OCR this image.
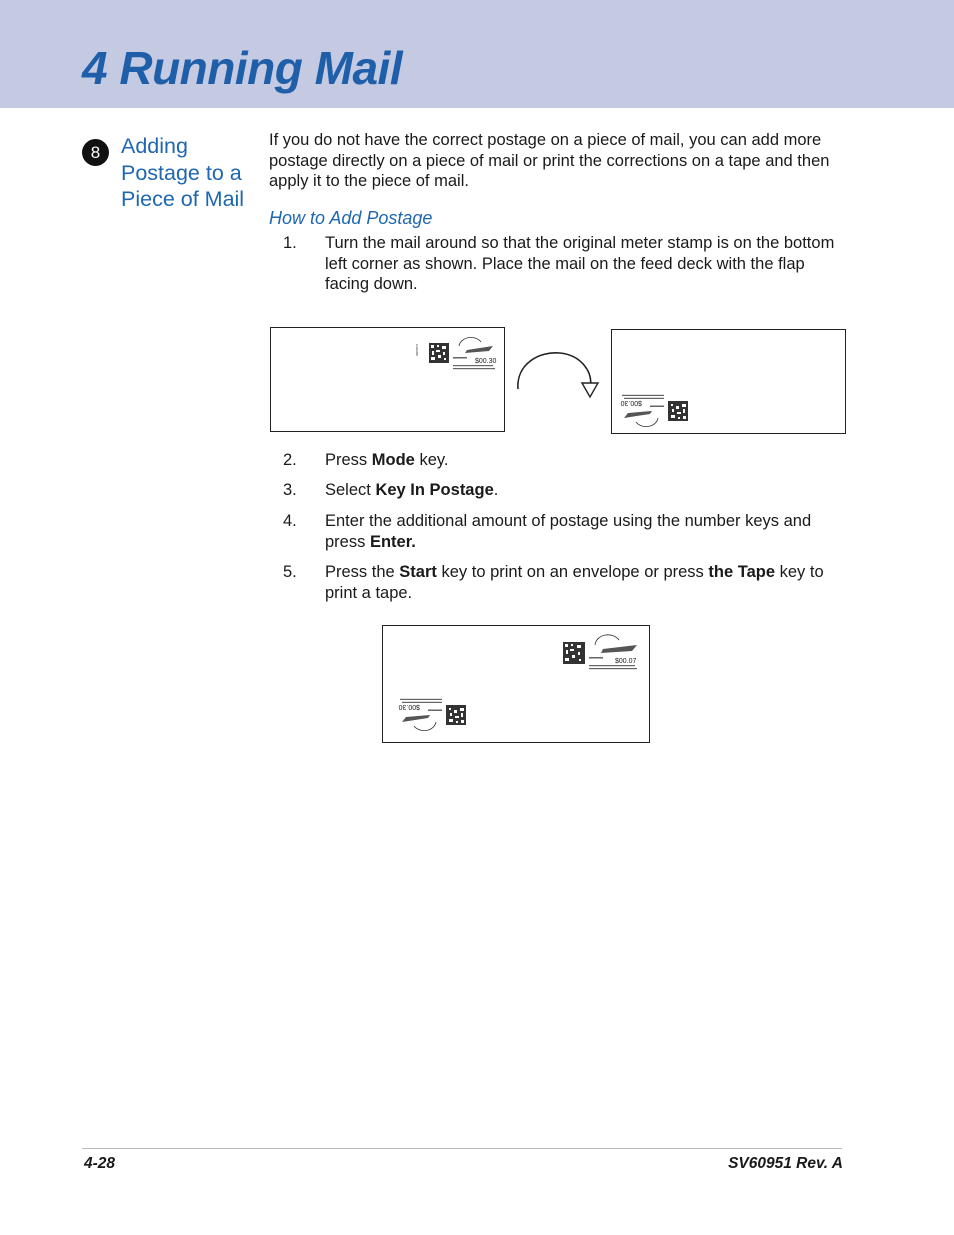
4 Running Mail
8 Adding Postage to a Piece of Mail

If you do not have the correct postage on a piece of mail, you can add more postage directly on a piece of mail or print the corrections on a tape and then apply it to the piece of mail.

How to Add Postage
1.	Turn the mail around so that the original meter stamp is on the bottom left corner as shown. Place the mail on the feed deck with the flap facing down.
IMPRINT
$00.30
$00.30
2.	Press Mode key.
3.	Select Key In Postage.
4.	Enter the additional amount of postage using the number keys and press Enter.
5.	Press the Start key to print on an envelope or press the Tape key to print a tape.
$00.07
$00.30
4-28	SV60951 Rev. A
